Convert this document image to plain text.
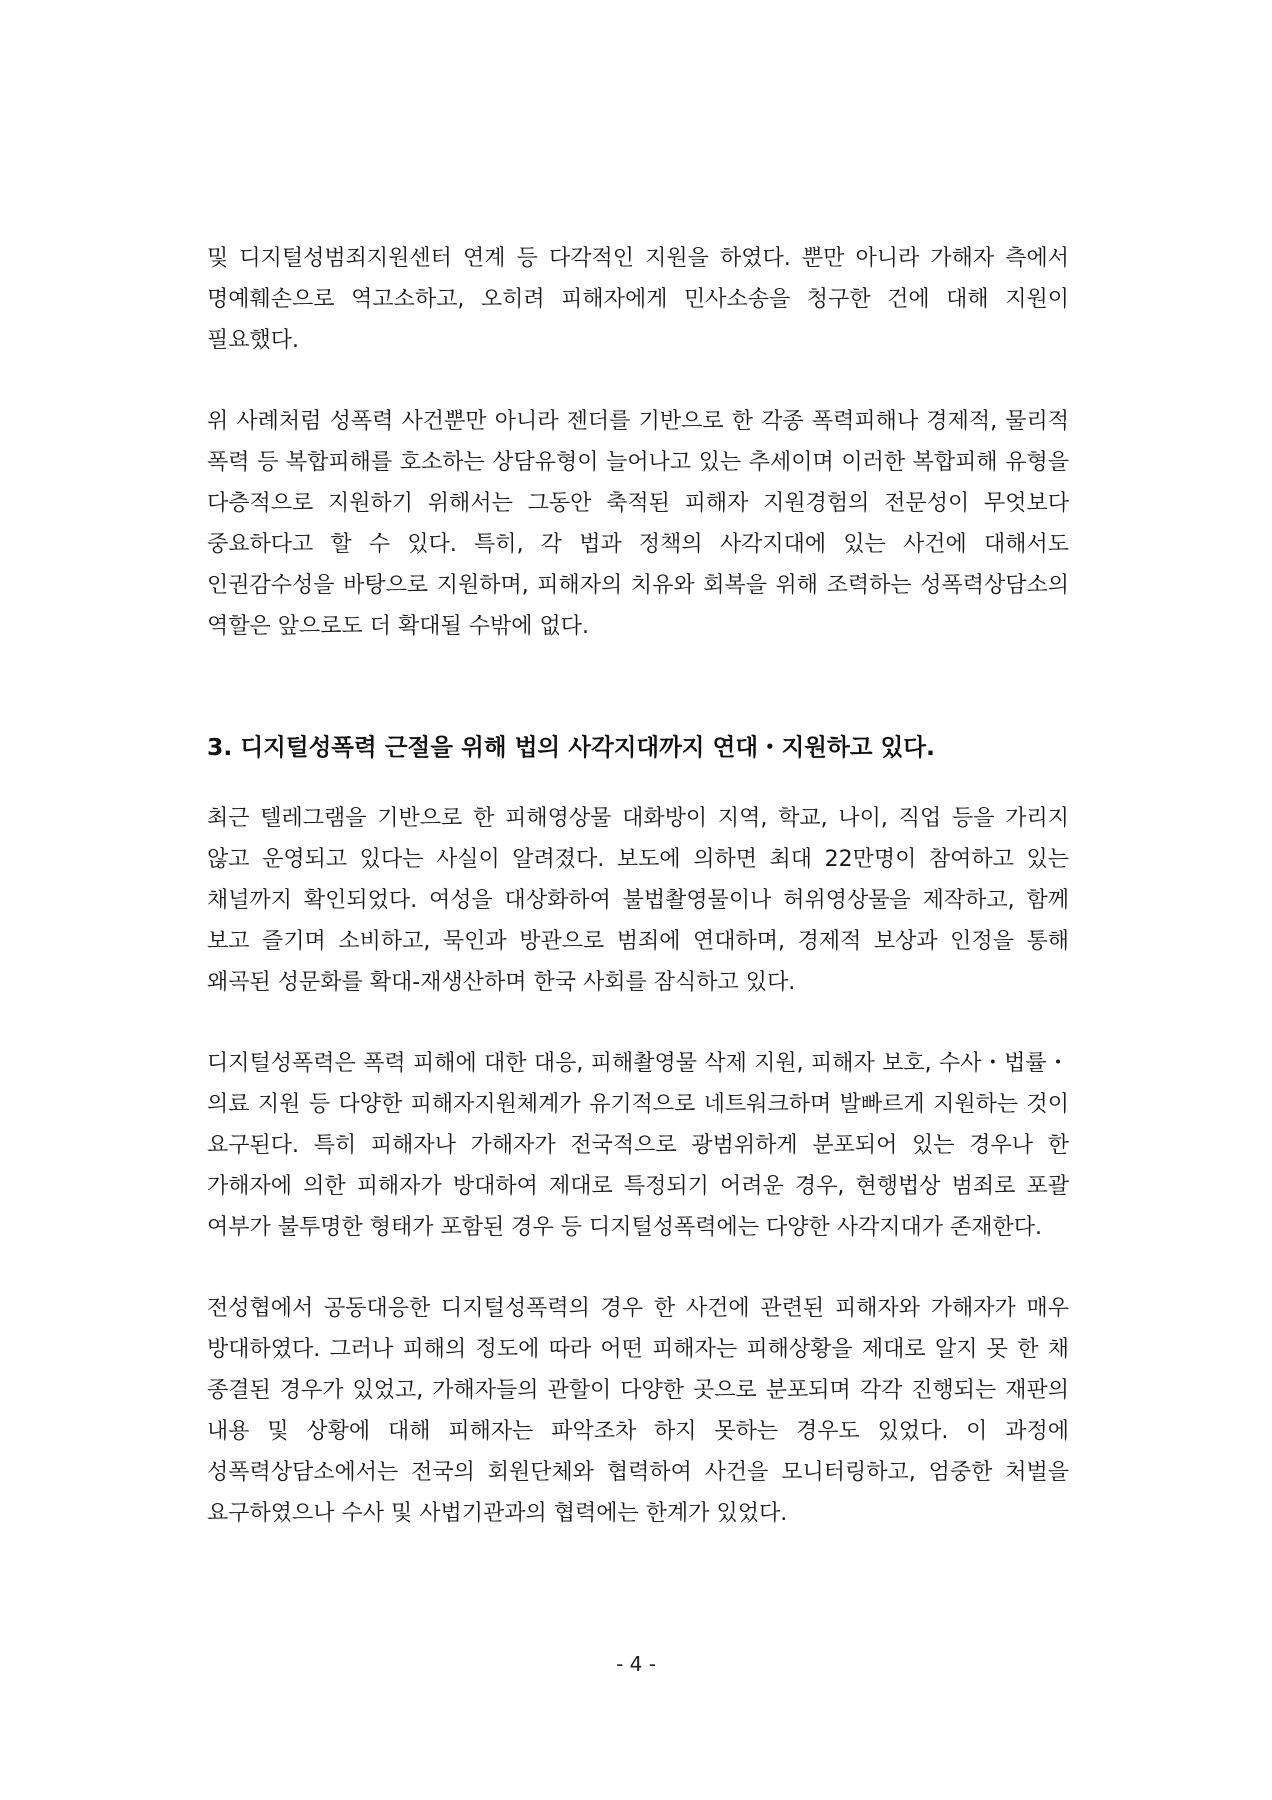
및 디지털성범죄지원센터 연계 등 다각적인 지원을 하였다. 뿐만 아니라 가해자 측에서 명예훼손으로 역고소하고, 오히려 피해자에게 민사소송을 청구한 건에 대해 지원이 필요했다.

위 사례처럼 성폭력 사건뿐만 아니라 젠더를 기반으로 한 각종 폭력피해나 경제적, 물리적 폭력 등 복합피해를 호소하는 상담유형이 늘어나고 있는 추세이며 이러한 복합피해 유형을 다층적으로 지원하기 위해서는 그동안 축적된 피해자 지원경험의 전문성이 무엇보다 중요하다고 할 수 있다. 특히, 각 법과 정책의 사각지대에 있는 사건에 대해서도 인권감수성을 바탕으로 지원하며, 피해자의 치유와 회복을 위해 조력하는 성폭력상담소의 역할은 앞으로도 더 확대될 수밖에 없다.

3. 디지털성폭력 근절을 위해 법의 사각지대까지 연대・지원하고 있다.

최근 텔레그램을 기반으로 한 피해영상물 대화방이 지역, 학교, 나이, 직업 등을 가리지 않고 운영되고 있다는 사실이 알려졌다. 보도에 의하면 최대 22만명이 참여하고 있는 채널까지 확인되었다. 여성을 대상화하여 불법촬영물이나 허위영상물을 제작하고, 함께 보고 즐기며 소비하고, 묵인과 방관으로 범죄에 연대하며, 경제적 보상과 인정을 통해 왜곡된 성문화를 확대-재생산하며 한국 사회를 잠식하고 있다.

디지털성폭력은 폭력 피해에 대한 대응, 피해촬영물 삭제 지원, 피해자 보호, 수사・법률・의료 지원 등 다양한 피해자지원체계가 유기적으로 네트워크하며 발빠르게 지원하는 것이 요구된다. 특히 피해자나 가해자가 전국적으로 광범위하게 분포되어 있는 경우나 한 가해자에 의한 피해자가 방대하여 제대로 특정되기 어려운 경우, 현행법상 범죄로 포괄 여부가 불투명한 형태가 포함된 경우 등 디지털성폭력에는 다양한 사각지대가 존재한다.

전성협에서 공동대응한 디지털성폭력의 경우 한 사건에 관련된 피해자와 가해자가 매우 방대하였다. 그러나 피해의 정도에 따라 어떤 피해자는 피해상황을 제대로 알지 못 한 채 종결된 경우가 있었고, 가해자들의 관할이 다양한 곳으로 분포되며 각각 진행되는 재판의 내용 및 상황에 대해 피해자는 파악조차 하지 못하는 경우도 있었다. 이 과정에 성폭력상담소에서는 전국의 회원단체와 협력하여 사건을 모니터링하고, 엄중한 처벌을 요구하였으나 수사 및 사법기관과의 협력에는 한계가 있었다.

- 4 -
